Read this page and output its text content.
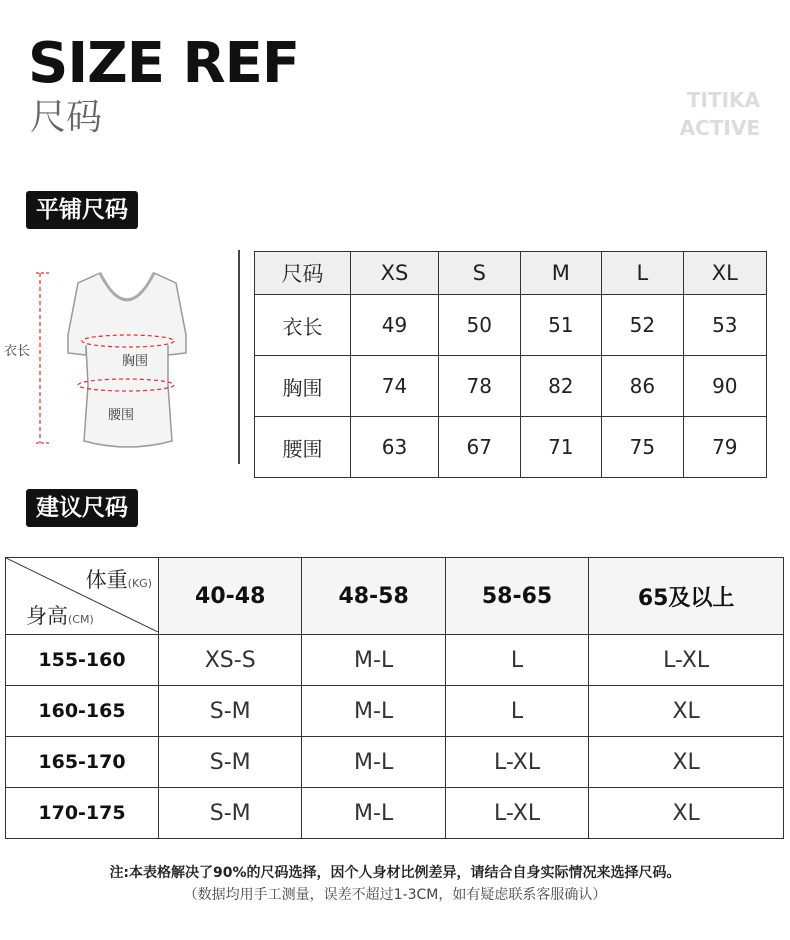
SIZE REF
尺码	TITIKA
ACTIVE
平铺尺码
衣长
胸围
腰围
尺码	XS	S	M	L	XL
衣长	49	50	51	52	53
胸围	74	78	82	86	90
腰围	63	67	71	75	79
建议尺码
体重(KG)
身高(CM)	40-48	48-58	58-65	65及以上
155-160	XS-S	M-L	L	L-XL
160-165	S-M	M-L	L	XL
165-170	S-M	M-L	L-XL	XL
170-175	S-M	M-L	L-XL	XL
注:本表格解决了90%的尺码选择，因个人身材比例差异，请结合自身实际情况来选择尺码。
（数据均用手工测量，误差不超过1-3CM，如有疑虑联系客服确认）
